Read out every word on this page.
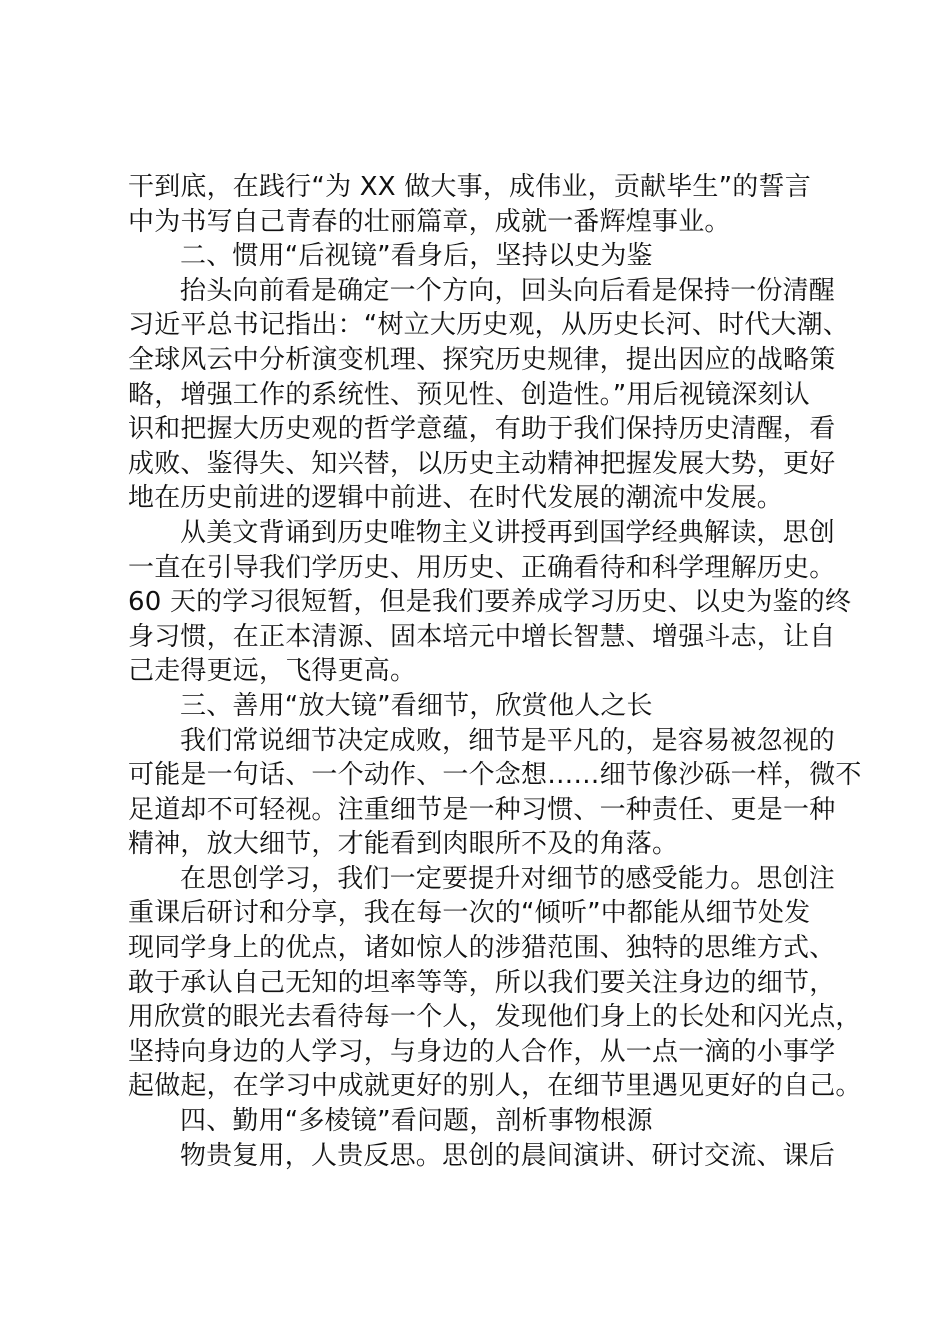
干到底，在践行“为 XX 做大事，成伟业，贡献毕生”的誓言
中为书写自己青春的壮丽篇章，成就一番辉煌事业。
二、惯用“后视镜”看身后，坚持以史为鉴
抬头向前看是确定一个方向，回头向后看是保持一份清醒
习近平总书记指出：“树立大历史观，从历史长河、时代大潮、
全球风云中分析演变机理、探究历史规律，提出因应的战略策
略，增强工作的系统性、预见性、创造性。”用后视镜深刻认
识和把握大历史观的哲学意蕴，有助于我们保持历史清醒，看
成败、鉴得失、知兴替，以历史主动精神把握发展大势，更好
地在历史前进的逻辑中前进、在时代发展的潮流中发展。
从美文背诵到历史唯物主义讲授再到国学经典解读，思创
一直在引导我们学历史、用历史、正确看待和科学理解历史。
60 天的学习很短暂，但是我们要养成学习历史、以史为鉴的终
身习惯，在正本清源、固本培元中增长智慧、增强斗志，让自
己走得更远，飞得更高。
三、善用“放大镜”看细节，欣赏他人之长
我们常说细节决定成败，细节是平凡的，是容易被忽视的
可能是一句话、一个动作、一个念想……细节像沙砾一样，微不
足道却不可轻视。注重细节是一种习惯、一种责任、更是一种
精神，放大细节，才能看到肉眼所不及的角落。
在思创学习，我们一定要提升对细节的感受能力。思创注
重课后研讨和分享，我在每一次的“倾听”中都能从细节处发
现同学身上的优点，诸如惊人的涉猎范围、独特的思维方式、
敢于承认自己无知的坦率等等，所以我们要关注身边的细节，
用欣赏的眼光去看待每一个人，发现他们身上的长处和闪光点，
坚持向身边的人学习，与身边的人合作，从一点一滴的小事学
起做起，在学习中成就更好的别人，在细节里遇见更好的自己。
四、勤用“多棱镜”看问题，剖析事物根源
物贵复用，人贵反思。思创的晨间演讲、研讨交流、课后
